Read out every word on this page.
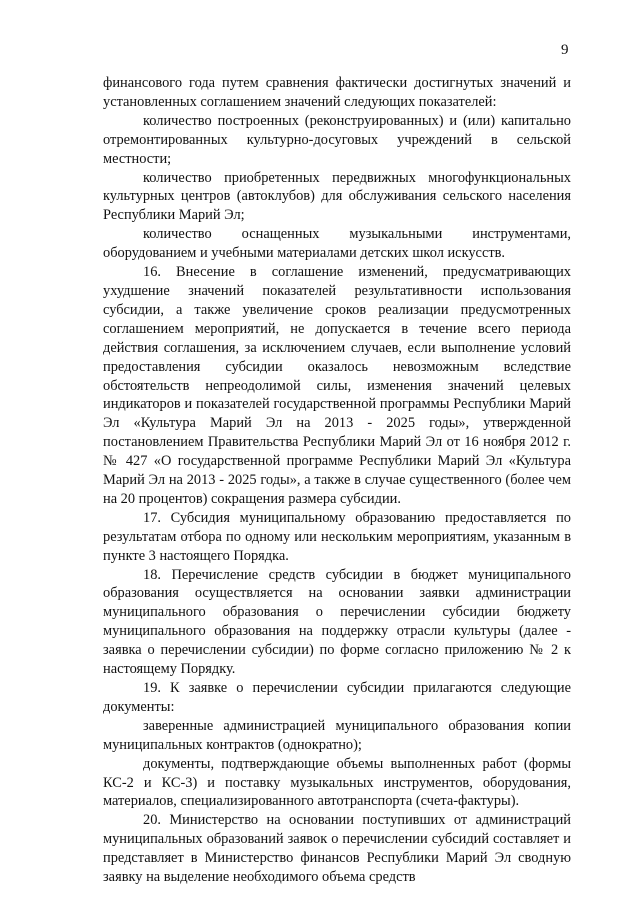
9

финансового года путем сравнения фактически достигнутых значений и установленных соглашением значений следующих показателей:

количество построенных (реконструированных) и (или) капитально отремонтированных культурно-досуговых учреждений в сельской местности;

количество приобретенных передвижных многофункциональных культурных центров (автоклубов) для обслуживания сельского населения Республики Марий Эл;

количество оснащенных музыкальными инструментами, оборудованием и учебными материалами детских школ искусств.

16. Внесение в соглашение изменений, предусматривающих ухудшение значений показателей результативности использования субсидии, а также увеличение сроков реализации предусмотренных соглашением мероприятий, не допускается в течение всего периода действия соглашения, за исключением случаев, если выполнение условий предоставления субсидии оказалось невозможным вследствие обстоятельств непреодолимой силы, изменения значений целевых индикаторов и показателей государственной программы Республики Марий Эл «Культура Марий Эл на 2013 - 2025 годы», утвержденной постановлением Правительства Республики Марий Эл от 16 ноября 2012 г. № 427 «О государственной программе Республики Марий Эл «Культура Марий Эл на 2013 - 2025 годы», а также в случае существенного (более чем на 20 процентов) сокращения размера субсидии.

17. Субсидия муниципальному образованию предоставляется по результатам отбора по одному или нескольким мероприятиям, указанным в пункте 3 настоящего Порядка.

18. Перечисление средств субсидии в бюджет муниципального образования осуществляется на основании заявки администрации муниципального образования о перечислении субсидии бюджету муниципального образования на поддержку отрасли культуры (далее - заявка о перечислении субсидии) по форме согласно приложению № 2 к настоящему Порядку.

19. К заявке о перечислении субсидии прилагаются следующие документы:

заверенные администрацией муниципального образования копии муниципальных контрактов (однократно);

документы, подтверждающие объемы выполненных работ (формы КС-2 и КС-3) и поставку музыкальных инструментов, оборудования, материалов, специализированного автотранспорта (счета-фактуры).

20. Министерство на основании поступивших от администраций муниципальных образований заявок о перечислении субсидий составляет и представляет в Министерство финансов Республики Марий Эл сводную заявку на выделение необходимого объема средств
